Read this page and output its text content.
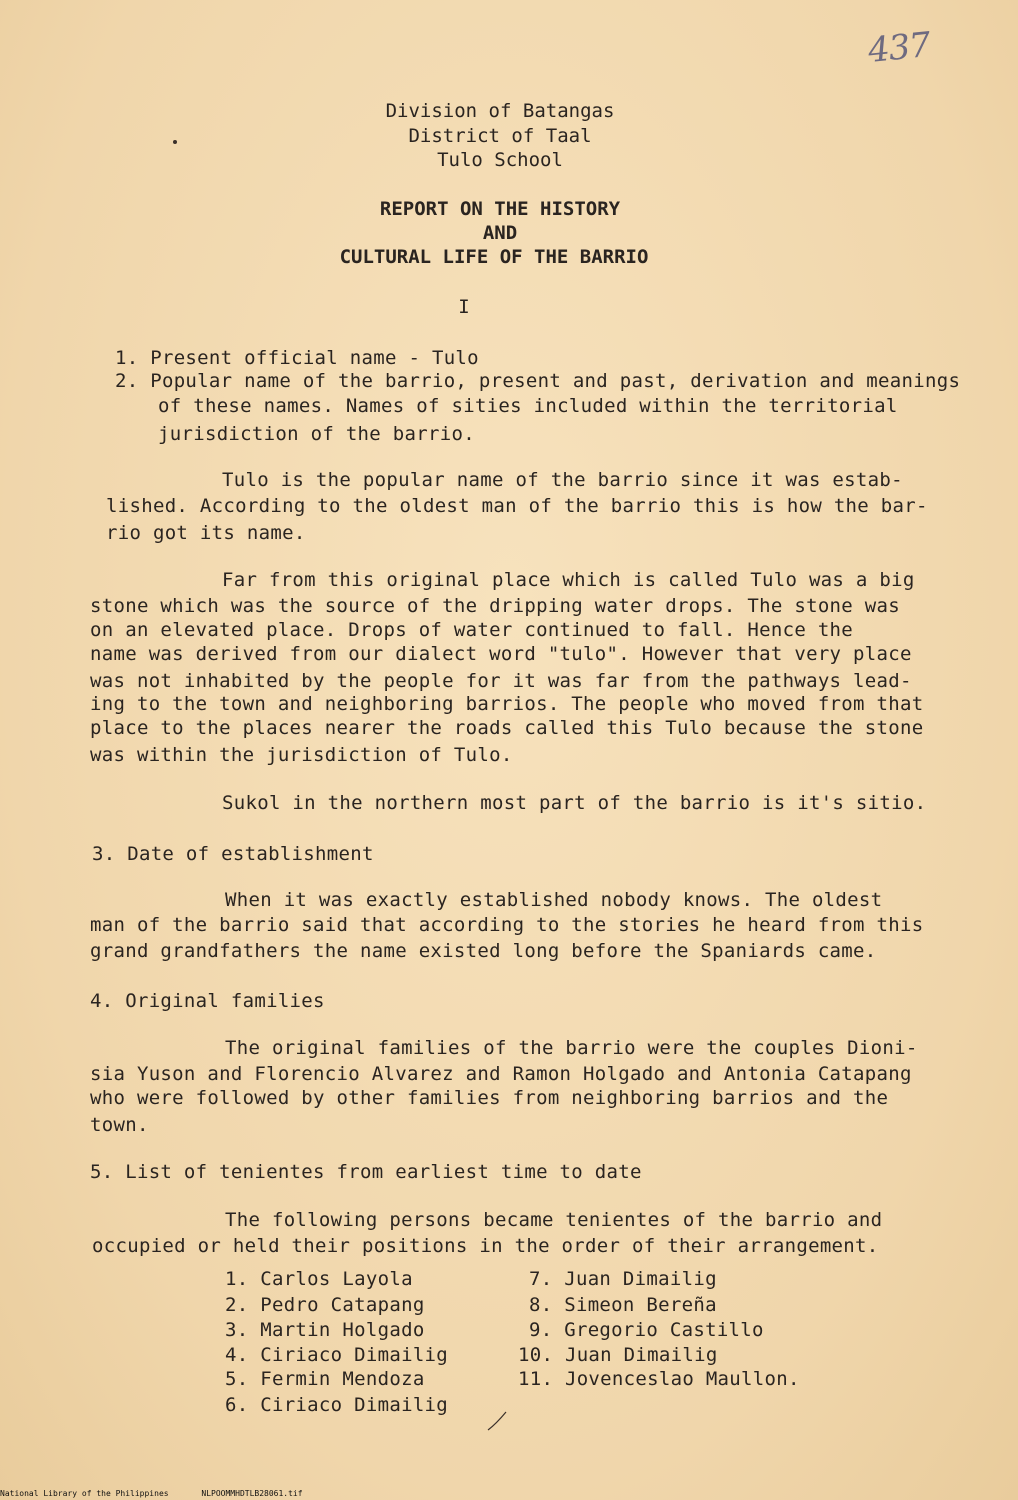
437
Division of Batangas
District of Taal
Tulo School
REPORT ON THE HISTORY
AND
CULTURAL LIFE OF THE BARRIO
I
1. Present official name - Tulo
2. Popular name of the barrio, present and past, derivation and meanings
of these names. Names of sities included within the territorial
jurisdiction of the barrio.
Tulo is the popular name of the barrio since it was estab-
lished. According to the oldest man of the barrio this is how the bar-
rio got its name.
Far from this original place which is called Tulo was a big
stone which was the source of the dripping water drops. The stone was
on an elevated place. Drops of water continued to fall. Hence the
name was derived from our dialect word "tulo". However that very place
was not inhabited by the people for it was far from the pathways lead-
ing to the town and neighboring barrios. The people who moved from that
place to the places nearer the roads called this Tulo because the stone
was within the jurisdiction of Tulo.
Sukol in the northern most part of the barrio is it's sitio.
3. Date of establishment
When it was exactly established nobody knows. The oldest
man of the barrio said that according to the stories he heard from this
grand grandfathers the name existed long before the Spaniards came.
4. Original families
The original families of the barrio were the couples Dioni-
sia Yuson and Florencio Alvarez and Ramon Holgado and Antonia Catapang
who were followed by other families from neighboring barrios and the
town.
5. List of tenientes from earliest time to date
The following persons became tenientes of the barrio and
occupied or held their positions in the order of their arrangement.
1. Carlos Layola
2. Pedro Catapang
3. Martin Holgado
4. Ciriaco Dimailig
5. Fermin Mendoza
6. Ciriaco Dimailig
7. Juan Dimailig
8. Simeon Bereña
9. Gregorio Castillo
10. Juan Dimailig
11. Jovenceslao Maullon.
National Library of the Philippines	NLPOOMMHDTLB28061.tif
